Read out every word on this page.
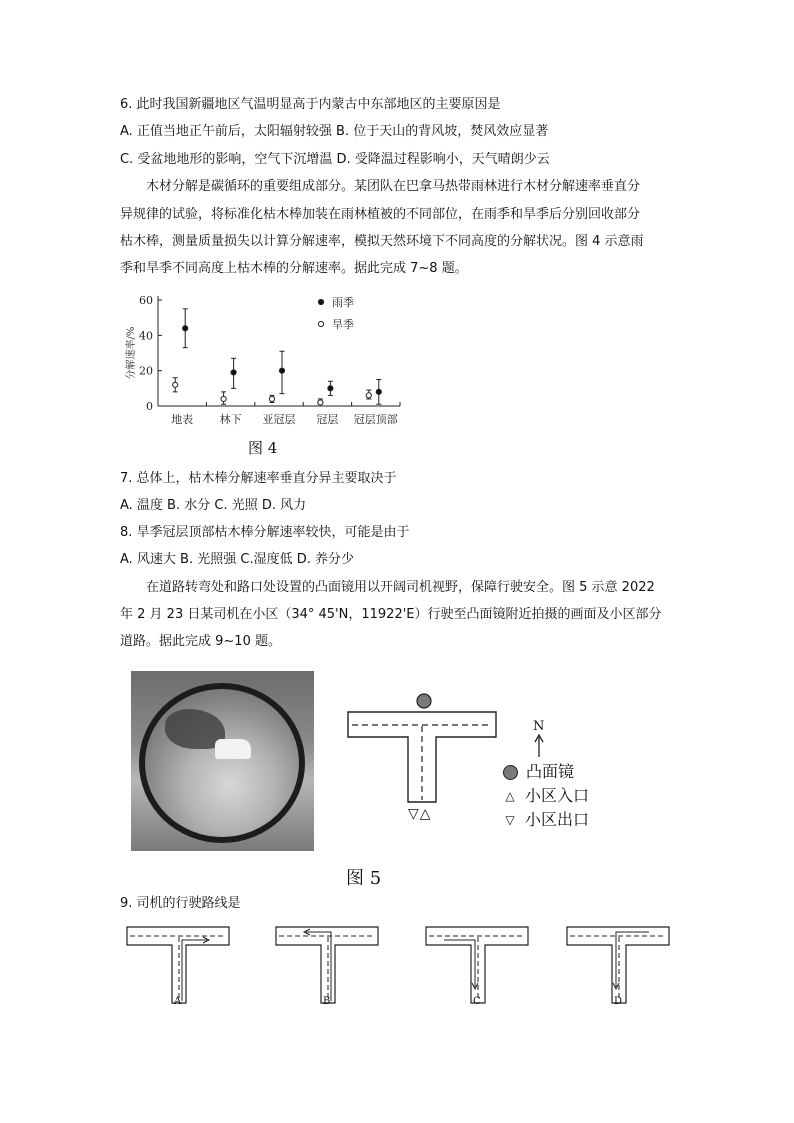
6. 此时我国新疆地区气温明显高于内蒙古中东部地区的主要原因是
A. 正值当地正午前后，太阳辐射较强 B. 位于天山的背风坡，焚风效应显著
C. 受盆地地形的影响，空气下沉增温 D. 受降温过程影响小，天气晴朗少云
木材分解是碳循环的重要组成部分。某团队在巴拿马热带雨林进行木材分解速率垂直分
异规律的试验，将标准化枯木棒加装在雨林植被的不同部位，在雨季和旱季后分别回收部分
枯木棒，测量质量损失以计算分解速率，模拟天然环境下不同高度的分解状况。图 4 示意雨
季和旱季不同高度上枯木棒的分解速率。据此完成 7~8 题。
0
20
40
60
分解速率/%
地表 林下 亚冠层 冠层 冠层顶部
雨季
旱季
图 4
7. 总体上，枯木棒分解速率垂直分异主要取决于
A. 温度 B. 水分 C. 光照 D. 风力
8. 旱季冠层顶部枯木棒分解速率较快，可能是由于
A. 风速大 B. 光照强 C.湿度低 D. 养分少
在道路转弯处和路口处设置的凸面镜用以开阔司机视野，保障行驶安全。图 5 示意 2022
年 2 月 23 日某司机在小区（34° 45'N，11922'E）行驶至凸面镜附近拍摄的画面及小区部分
道路。据此完成 9~10 题。
▽△
N
凸面镜
△ 小区入口
▽ 小区出口
图 5
9. 司机的行驶路线是
A	B	C	D
